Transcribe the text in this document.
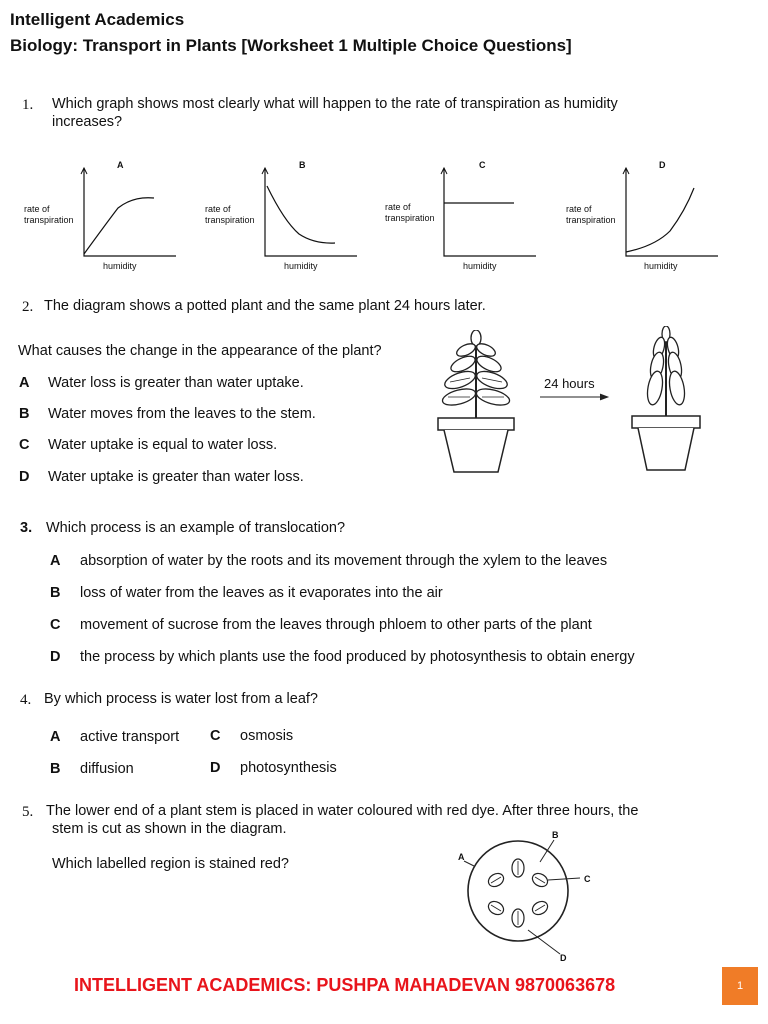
Intelligent Academics
Biology: Transport in Plants [Worksheet 1 Multiple Choice Questions]
1. Which graph shows most clearly what will happen to the rate of transpiration as humidity
increases?
A
rate of
transpiration
humidity
B
rate of
transpiration
humidity
C
rate of
transpiration
humidity
D
rate of
transpiration
humidity
2. The diagram shows a potted plant and the same plant 24 hours later.
What causes the change in the appearance of the plant?
A Water loss is greater than water uptake.
B Water moves from the leaves to the stem.
C Water uptake is equal to water loss.
D Water uptake is greater than water loss.
24 hours
3. Which process is an example of translocation?
A absorption of water by the roots and its movement through the xylem to the leaves
B loss of water from the leaves as it evaporates into the air
C movement of sucrose from the leaves through phloem to other parts of the plant
D the process by which plants use the food produced by photosynthesis to obtain energy
4. By which process is water lost from a leaf?
A active transport
B diffusion
C osmosis
D photosynthesis
5. The lower end of a plant stem is placed in water coloured with red dye. After three hours, the
stem is cut as shown in the diagram.
Which labelled region is stained red?	A
B
C
D
INTELLIGENT ACADEMICS: PUSHPA MAHADEVAN 9870063678	1
